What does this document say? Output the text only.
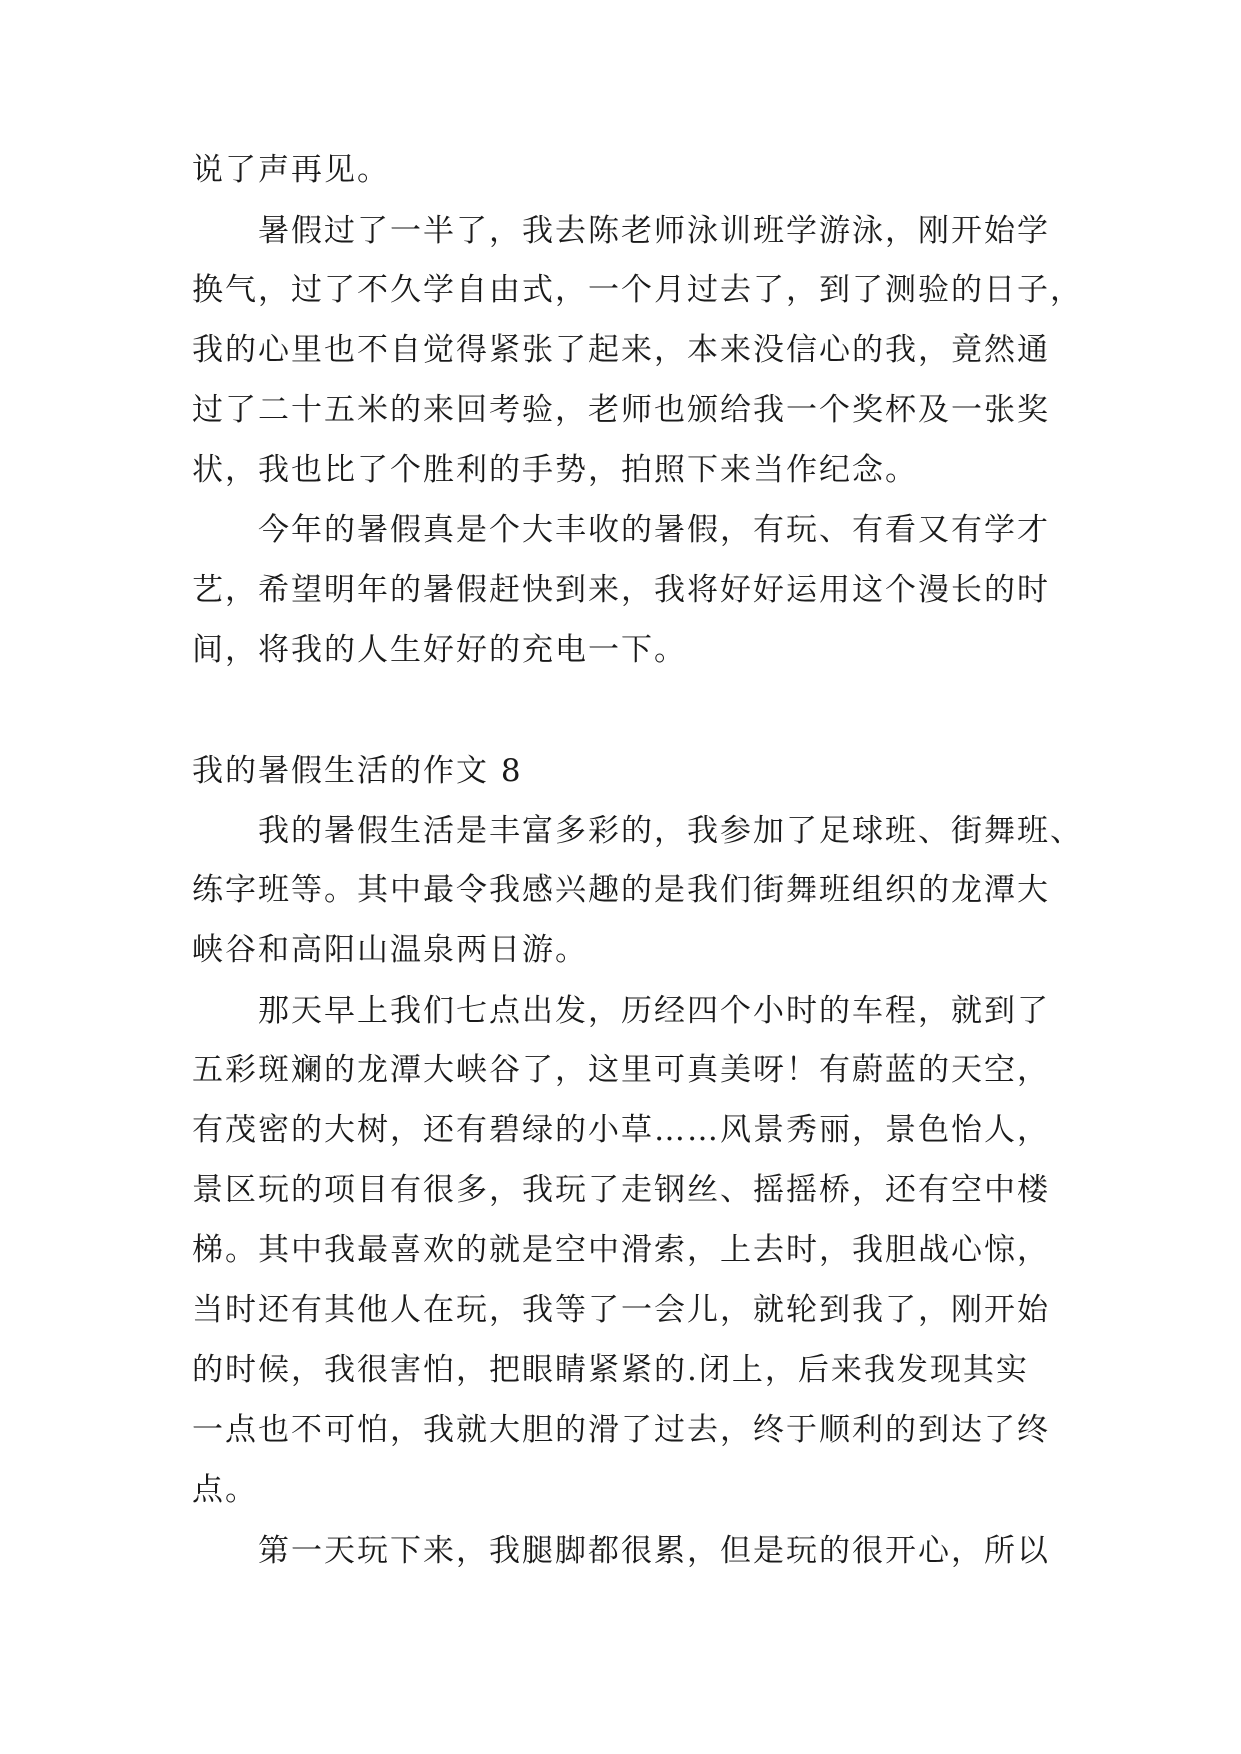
说了声再见。
暑假过了一半了，我去陈老师泳训班学游泳，刚开始学
换气，过了不久学自由式，一个月过去了，到了测验的日子，
我的心里也不自觉得紧张了起来，本来没信心的我，竟然通
过了二十五米的来回考验，老师也颁给我一个奖杯及一张奖
状，我也比了个胜利的手势，拍照下来当作纪念。
今年的暑假真是个大丰收的暑假，有玩、有看又有学才
艺，希望明年的暑假赶快到来，我将好好运用这个漫长的时
间，将我的人生好好的充电一下。
我的暑假生活的作文 8
我的暑假生活是丰富多彩的，我参加了足球班、街舞班、
练字班等。其中最令我感兴趣的是我们街舞班组织的龙潭大
峡谷和高阳山温泉两日游。
那天早上我们七点出发，历经四个小时的车程，就到了
五彩斑斓的龙潭大峡谷了，这里可真美呀！有蔚蓝的天空，
有茂密的大树，还有碧绿的小草……风景秀丽，景色怡人，
景区玩的项目有很多，我玩了走钢丝、摇摇桥，还有空中楼
梯。其中我最喜欢的就是空中滑索，上去时，我胆战心惊，
当时还有其他人在玩，我等了一会儿，就轮到我了，刚开始
的时候，我很害怕，把眼睛紧紧的.闭上，后来我发现其实
一点也不可怕，我就大胆的滑了过去，终于顺利的到达了终
点。
第一天玩下来，我腿脚都很累，但是玩的很开心，所以
